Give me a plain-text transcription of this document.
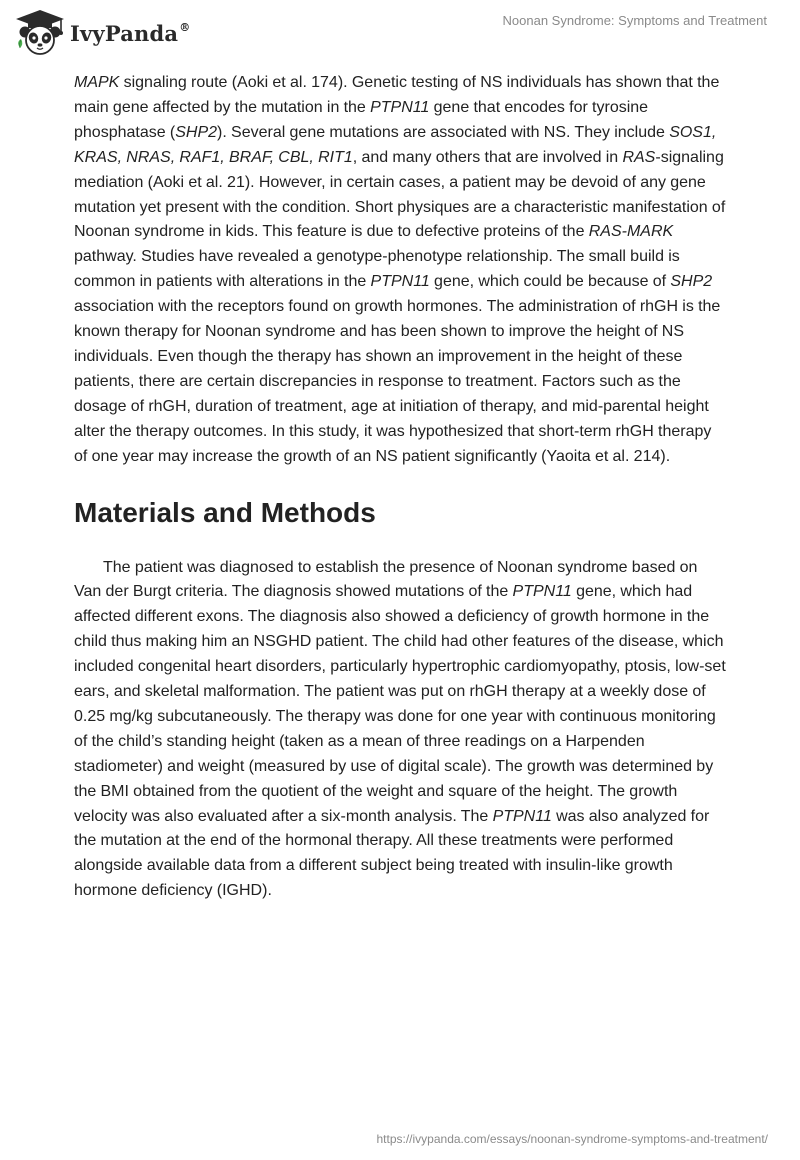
IvyPanda®	Noonan Syndrome: Symptoms and Treatment

MAPK signaling route (Aoki et al. 174). Genetic testing of NS individuals has shown that the main gene affected by the mutation in the PTPN11 gene that encodes for tyrosine phosphatase (SHP2). Several gene mutations are associated with NS. They include SOS1, KRAS, NRAS, RAF1, BRAF, CBL, RIT1, and many others that are involved in RAS-signaling mediation (Aoki et al. 21). However, in certain cases, a patient may be devoid of any gene mutation yet present with the condition. Short physiques are a characteristic manifestation of Noonan syndrome in kids. This feature is due to defective proteins of the RAS-MARK pathway. Studies have revealed a genotype-phenotype relationship. The small build is common in patients with alterations in the PTPN11 gene, which could be because of SHP2 association with the receptors found on growth hormones. The administration of rhGH is the known therapy for Noonan syndrome and has been shown to improve the height of NS individuals. Even though the therapy has shown an improvement in the height of these patients, there are certain discrepancies in response to treatment. Factors such as the dosage of rhGH, duration of treatment, age at initiation of therapy, and mid-parental height alter the therapy outcomes. In this study, it was hypothesized that short-term rhGH therapy of one year may increase the growth of an NS patient significantly (Yaoita et al. 214).

Materials and Methods

The patient was diagnosed to establish the presence of Noonan syndrome based on Van der Burgt criteria. The diagnosis showed mutations of the PTPN11 gene, which had affected different exons. The diagnosis also showed a deficiency of growth hormone in the child thus making him an NSGHD patient. The child had other features of the disease, which included congenital heart disorders, particularly hypertrophic cardiomyopathy, ptosis, low-set ears, and skeletal malformation. The patient was put on rhGH therapy at a weekly dose of 0.25 mg/kg subcutaneously. The therapy was done for one year with continuous monitoring of the child’s standing height (taken as a mean of three readings on a Harpenden stadiometer) and weight (measured by use of digital scale). The growth was determined by the BMI obtained from the quotient of the weight and square of the height. The growth velocity was also evaluated after a six-month analysis. The PTPN11 was also analyzed for the mutation at the end of the hormonal therapy. All these treatments were performed alongside available data from a different subject being treated with insulin-like growth hormone deficiency (IGHD).

https://ivypanda.com/essays/noonan-syndrome-symptoms-and-treatment/
